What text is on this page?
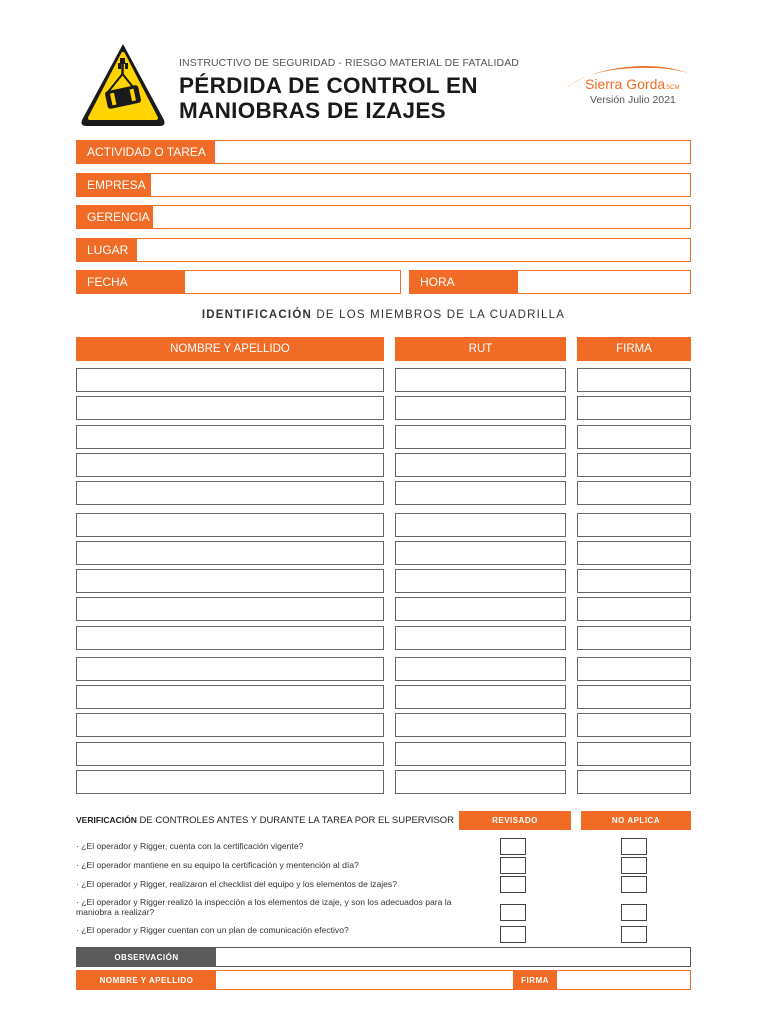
INSTRUCTIVO DE SEGURIDAD - RIESGO MATERIAL DE FATALIDAD
PÉRDIDA DE CONTROL EN
MANIOBRAS DE IZAJES
Sierra GordaSCM
Versión Julio 2021
ACTIVIDAD O TAREA
EMPRESA
GERENCIA
LUGAR
FECHA	HORA
IDENTIFICACIÓN DE LOS MIEMBROS DE LA CUADRILLA
NOMBRE Y APELLIDO	RUT	FIRMA
VERIFICACIÓN DE CONTROLES ANTES Y DURANTE LA TAREA POR EL SUPERVISOR	REVISADO	NO APLICA
· ¿El operador y Rigger, cuenta con la certificación vigente?
· ¿El operador mantiene en su equipo la certificación y mentención al día?
· ¿El operador y Rigger, realizaron el checklist del equipo y los elementos de izajes?
· ¿El operador y Rigger realizó la inspección a los elementos de izaje, y son los adecuados para la maniobra a realizar?
· ¿El operador y Rigger cuentan con un plan de comunicación efectivo?
OBSERVACIÓN
NOMBRE Y APELLIDO	FIRMA
